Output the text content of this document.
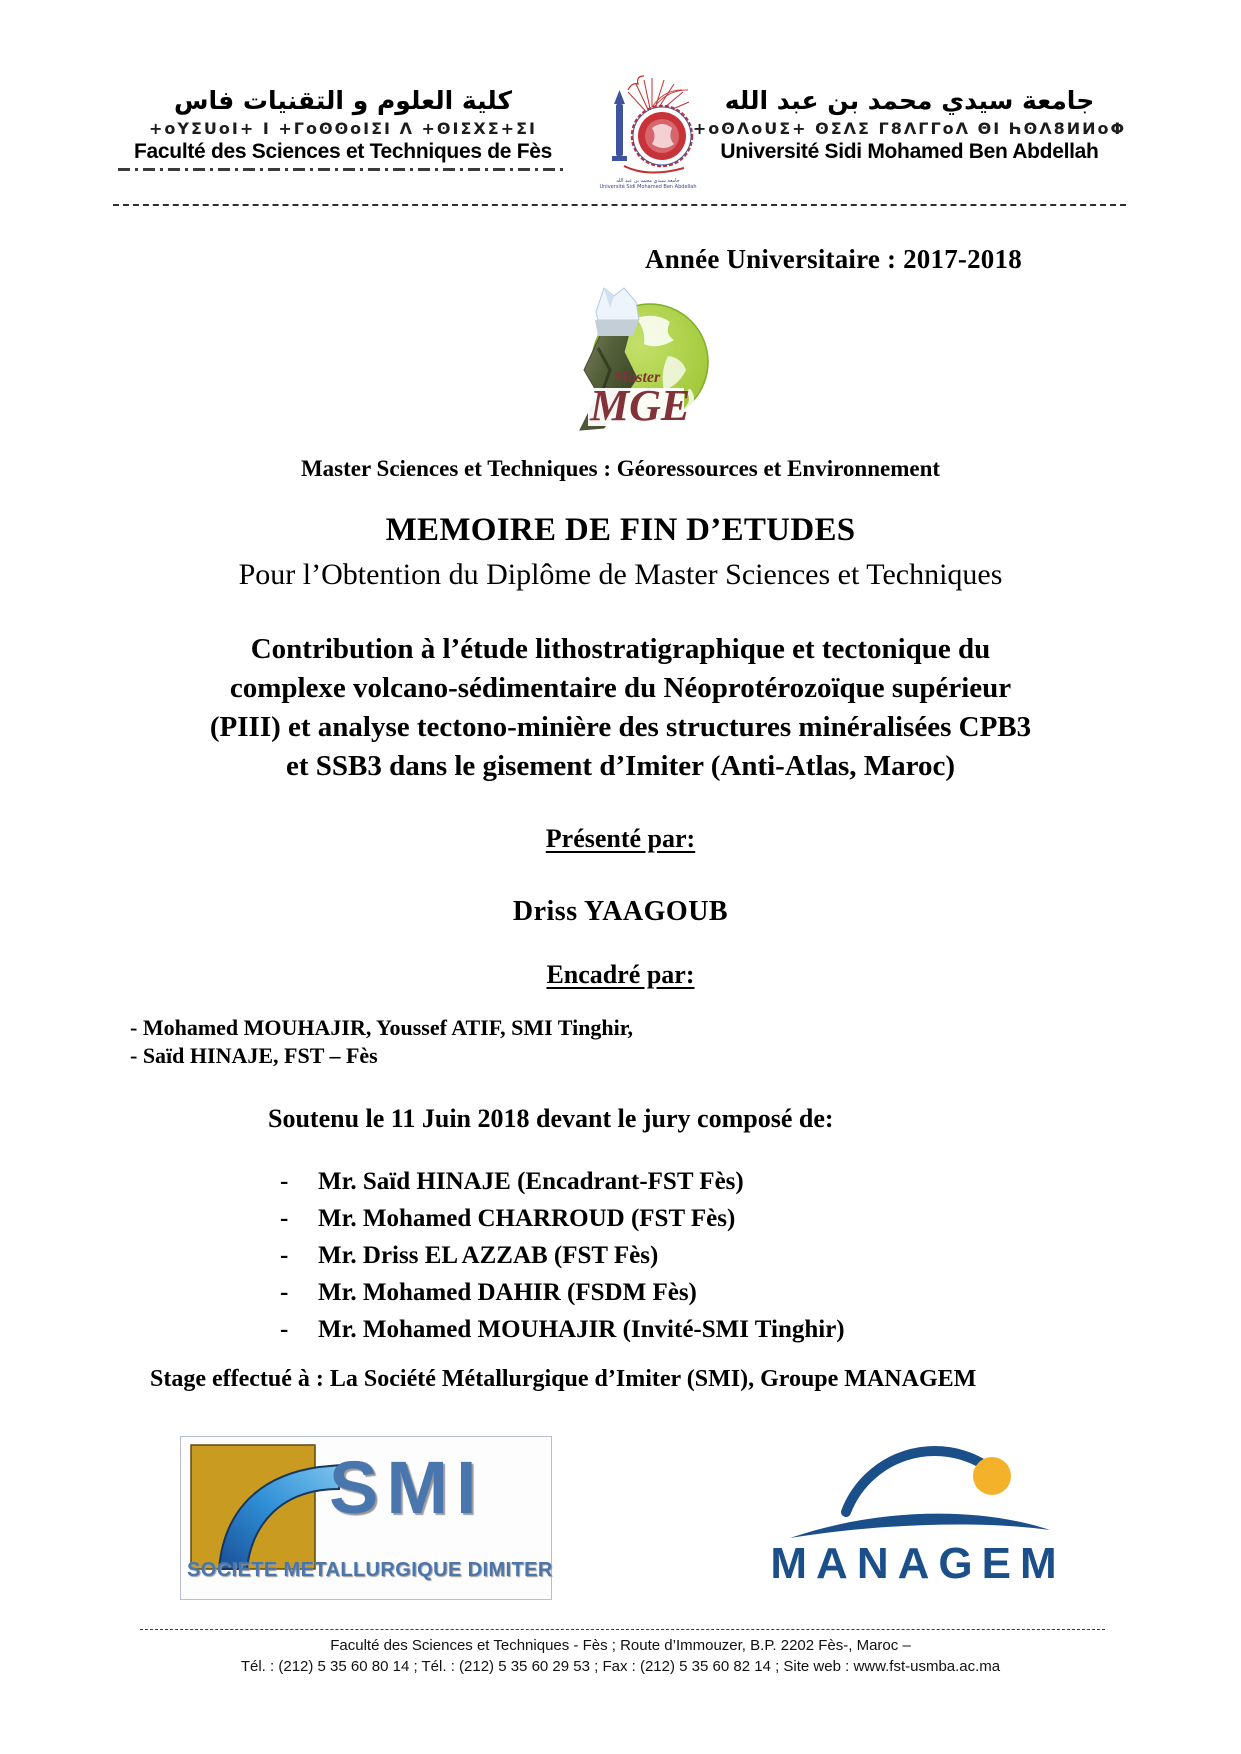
كلية العلوم و التقنيات فاس
+oYΣUoI+ I +ΓoʘʘoIΣI Λ +ʘIΣXΣ+ΣI
Faculté des Sciences et Techniques de Fès
جامعة سيدي محمد بن عبد الله
Université Sidi Mohamed Ben Abdellah
جامعة سيدي محمد بن عبد الله
+oʘΛoUΣ+ ʘΣΛΣ Γ8ΛΓΓoΛ ΘI ҺʘΛ8ИИoΦ
Université Sidi Mohamed Ben Abdellah
Année Universitaire : 2017-2018
Master
MGE
Master Sciences et Techniques : Géoressources et Environnement
MEMOIRE DE FIN D’ETUDES
Pour l’Obtention du Diplôme de Master Sciences et Techniques
Contribution à l’étude lithostratigraphique et tectonique du
complexe volcano-sédimentaire du Néoprotérozoïque supérieur
(PIII) et analyse tectono-minière des structures minéralisées CPB3
et SSB3 dans le gisement d’Imiter (Anti-Atlas, Maroc)
Présenté par:
Driss YAAGOUB
Encadré par:
- Mohamed MOUHAJIR, Youssef ATIF, SMI Tinghir,
- Saïd HINAJE, FST – Fès
Soutenu le 11 Juin 2018 devant le jury composé de:
-	Mr. Saïd HINAJE (Encadrant-FST Fès)
-	Mr. Mohamed CHARROUD (FST Fès)
-	Mr. Driss EL AZZAB (FST Fès)
-	Mr. Mohamed DAHIR (FSDM Fès)
-	Mr. Mohamed MOUHAJIR (Invité-SMI Tinghir)
Stage effectué à : La Société Métallurgique d’Imiter (SMI), Groupe MANAGEM
SMI
SOCIETE METALLURGIQUE DIMITER	MANAGEM
Faculté des Sciences et Techniques - Fès ; Route d’Immouzer, B.P. 2202 Fès-, Maroc –
Tél. : (212) 5 35 60 80 14 ; Tél. : (212) 5 35 60 29 53 ; Fax : (212) 5 35 60 82 14 ; Site web : www.fst-usmba.ac.ma
